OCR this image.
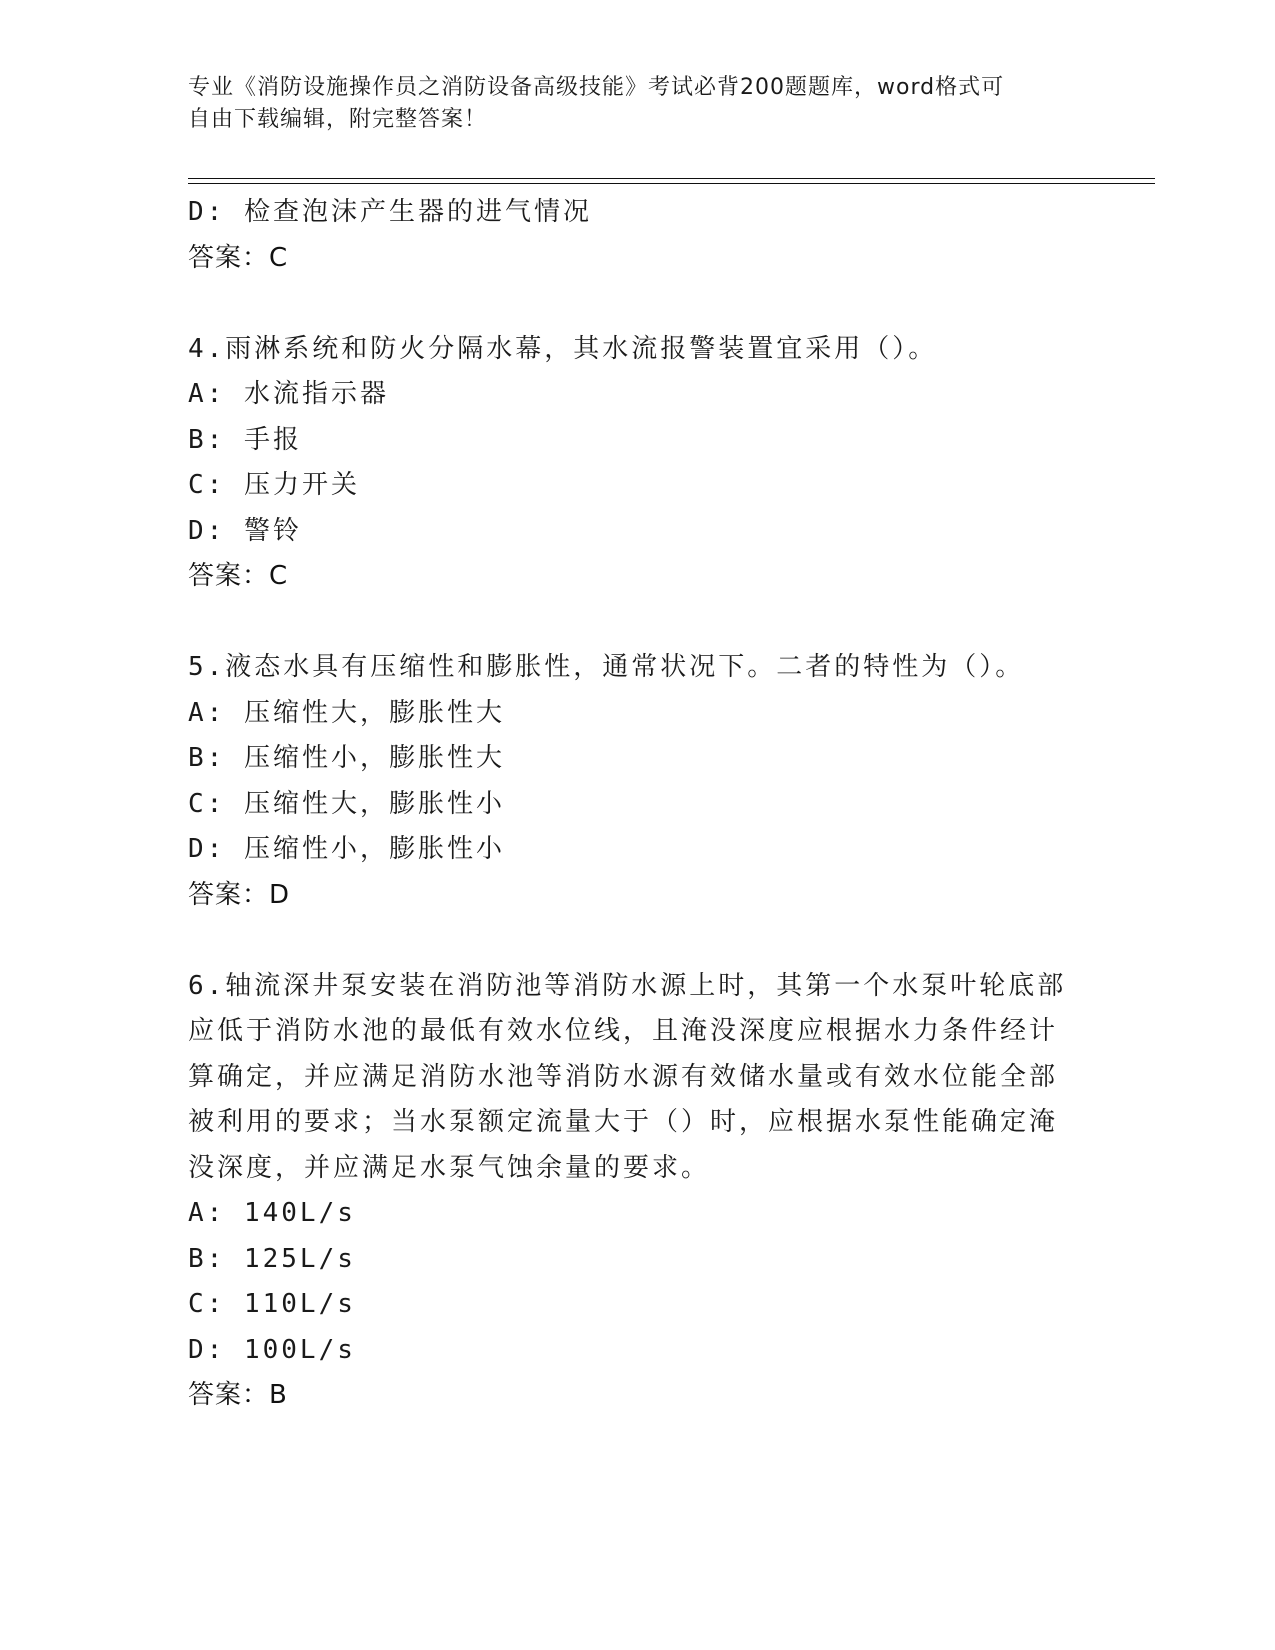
专业《消防设施操作员之消防设备高级技能》考试必背200题题库，word格式可
自由下载编辑，附完整答案！
D: 检查泡沫产生器的进气情况
答案：C
4.雨淋系统和防火分隔水幕，其水流报警装置宜采用（）。
A: 水流指示器
B: 手报
C: 压力开关
D: 警铃
答案：C
5.液态水具有压缩性和膨胀性，通常状况下。二者的特性为（）。
A: 压缩性大，膨胀性大
B: 压缩性小，膨胀性大
C: 压缩性大，膨胀性小
D: 压缩性小，膨胀性小
答案：D
6.轴流深井泵安装在消防池等消防水源上时，其第一个水泵叶轮底部
应低于消防水池的最低有效水位线，且淹没深度应根据水力条件经计
算确定，并应满足消防水池等消防水源有效储水量或有效水位能全部
被利用的要求；当水泵额定流量大于（）时，应根据水泵性能确定淹
没深度，并应满足水泵气蚀余量的要求。
A: 140L/s
B: 125L/s
C: 110L/s
D: 100L/s
答案：B
